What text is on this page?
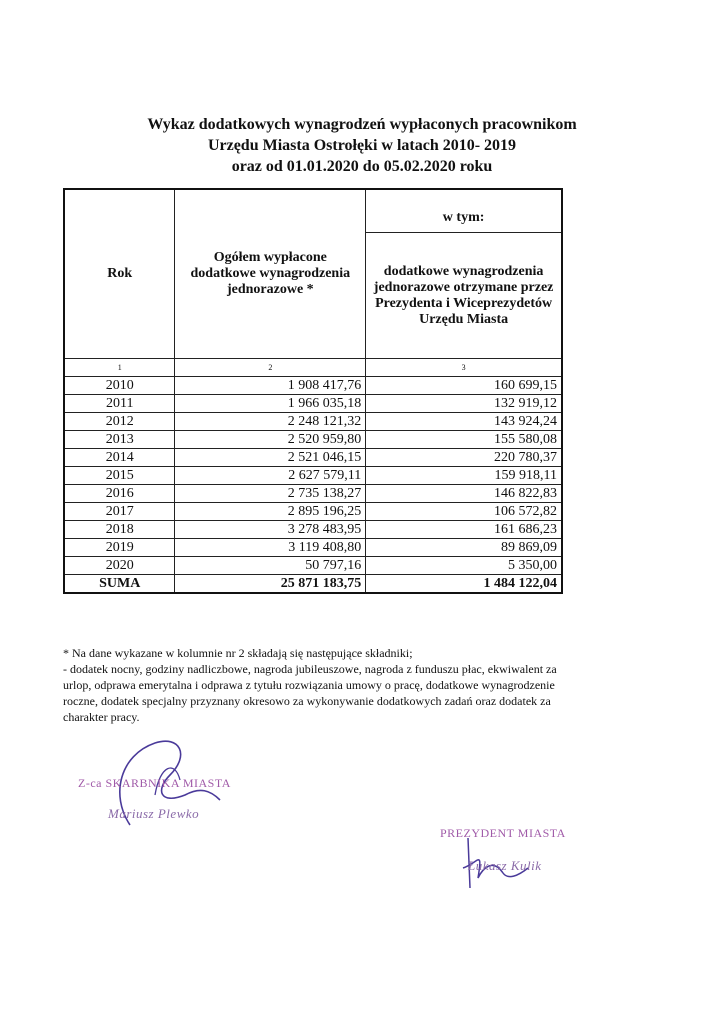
Wykaz dodatkowych wynagrodzeń wypłaconych pracownikom
Urzędu Miasta Ostrołęki w latach 2010- 2019
oraz od 01.01.2020 do 05.02.2020 roku
Rok	Ogółem wypłacone dodatkowe wynagrodzenia jednorazowe *	w tym:
		dodatkowe wynagrodzenia jednorazowe otrzymane przez Prezydenta i Wiceprezydetów Urzędu Miasta
1	2	3
2010	1 908 417,76	160 699,15
2011	1 966 035,18	132 919,12
2012	2 248 121,32	143 924,24
2013	2 520 959,80	155 580,08
2014	2 521 046,15	220 780,37
2015	2 627 579,11	159 918,11
2016	2 735 138,27	146 822,83
2017	2 895 196,25	106 572,82
2018	3 278 483,95	161 686,23
2019	3 119 408,80	89 869,09
2020	50 797,16	5 350,00
SUMA	25 871 183,75	1 484 122,04

* Na dane wykazane w kolumnie nr 2 składają się następujące składniki;

- dodatek nocny, godziny nadliczbowe, nagroda jubileuszowe, nagroda z funduszu płac, ekwiwalent za urlop, odprawa emerytalna i odprawa z tytułu rozwiązania umowy o pracę, dodatkowe wynagrodzenie roczne, dodatek specjalny przyznany okresowo za wykonywanie dodatkowych zadań oraz dodatek za charakter pracy.

Z-ca SKARBNIKA MIASTA
Mariusz Plewko
PREZYDENT MIASTA
Łukasz Kulik
